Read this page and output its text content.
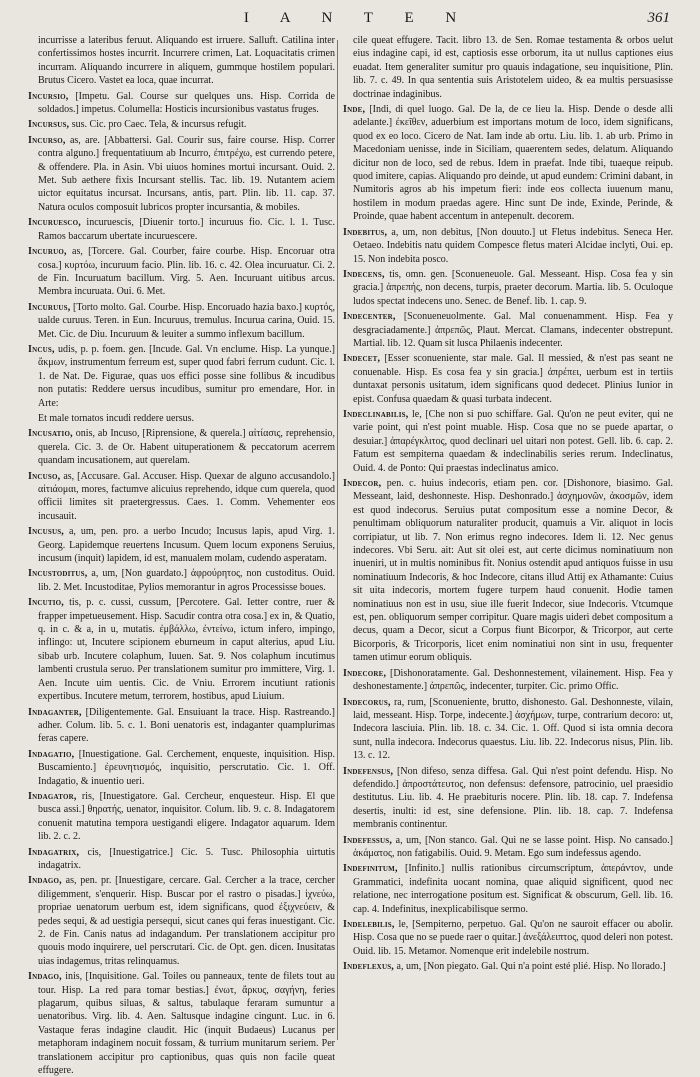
I A N T E N	361

incurrisse a lateribus feruut. Aliquando est irruere. Salluft. Catilina inter confertissimos hostes incurrit. Incurrere crimen, Lat. Loquacitatis crimen incurram. Aliquando incurrere in aliquem, gummque hostilem populari. Brutus Cicero. Vastet ea loca, quae incurrat.

Incursio, [Impetu. Gal. Course sur quelques uns. Hisp. Corrida de soldados.] impetus. Columella: Hosticis incursionibus vastatus fruges.

Incursus, sus. Cic. pro Caec. Tela, & incursus refugit.

Incurso, as, are. [Abbattersi. Gal. Courir sus, faire course. Hisp. Correr contra alguno.] frequentatiuum ab Incurro, ἐπιτρέχω, est currendo petere, & offendere. Pla. in Asin. Vbi uiuos homines mortui incursant. Ouid. 2. Met. Sub aethere fixis Incursant stellis. Tac. lib. 19. Nutantem aciem uictor equitatus incursat. Incursans, antis, part. Plin. lib. 11. cap. 37. Natura oculos composuit lubricos propter incursantia, & mobiles.

Incuruesco, incuruescis, [Diuenir torto.] incuruus fio. Cic. l. 1. Tusc. Ramos baccarum ubertate incuruescere.

Incuruo, as, [Torcere. Gal. Courber, faire courbe. Hisp. Encoruar otra cosa.] κυρτόω, incuruum facio. Plin. lib. 16. c. 42. Olea incuruatur. Ci. 2. de Fin. Incuruatum bacillum. Virg. 5. Aen. Incuruant uitibus arcus. Membra incuruata. Oui. 6. Met.

Incuruus, [Torto molto. Gal. Courbe. Hisp. Encoruado hazia baxo.] κυρτός, ualde curuus. Teren. in Eun. Incuruus, tremulus. Incurua carina, Ouid. 15. Met. Cic. de Diu. Incuruum & leuiter a summo inflexum bacillum.

Incus, udis, p. p. foem. gen. [Incude. Gal. Vn enclume. Hisp. La yunque.] ἄκμων, instrumentum ferreum est, super quod fabri ferrum cudunt. Cic. l. 1. de Nat. De. Figurae, quas uos effici posse sine follibus & incudibus non putatis: Reddere uersus incudibus, sumitur pro emendare, Hor. in Arte:

Et male tornatos incudi reddere uersus.

Incusatio, onis, ab Incuso, [Riprensione, & querela.] αἰτίασις, reprehensio, querela. Cic. 3. de Or. Habent uituperationem & peccatorum acerrem quandam incusationem, aut querelam.

Incuso, as, [Accusare. Gal. Accuser. Hisp. Quexar de alguno accusandolo.] αἰτιάομαι, mores, factumve alicuius reprehendo, idque cum querela, quod officii limites sit praetergressus. Caes. 1. Comm. Vehementer eos incusauit.

Incusus, a, um, pen. pro. a uerbo Incudo; Incusus lapis, apud Virg. 1. Georg. Lapidemque reuertens Incusum. Quem locum exponens Seruius, incusum (inquit) lapidem, id est, manualem molam, cudendo asperatam.

Incustoditus, a, um, [Non guardato.] ἀφρούρητος, non custoditus. Ouid. lib. 2. Met. Incustoditae, Pylios memorantur in agros Processisse boues.

Incutio, tis, p. c. cussi, cussum, [Percotere. Gal. Ietter contre, ruer & frapper impetueusement. Hisp. Sacudir contra otra cosa.] ex in, & Quatio, q. in c. & a, in u, mutatis. ἐμβάλλω, ἐντείνω, ictum infero, impingo, inflingo: ut, Incutere scipionem eburneum in caput alterius, apud Liu. sibab urb. Incutere colaphum, Iuuen. Sat. 9. Nos colaphum incutimus lambenti crustula seruo. Per translationem sumitur pro immittere, Virg. 1. Aen. Incute uim uentis. Cic. de Vniu. Errorem incutiunt rationis expertibus. Incutere metum, terrorem, hostibus, apud Liuium.

Indaganter, [Diligentemente. Gal. Ensuiuant la trace. Hisp. Rastreando.] adher. Colum. lib. 5. c. 1. Boni uenatoris est, indaganter quamplurimas feras capere.

Indagatio, [Inuestigatione. Gal. Cerchement, enqueste, inquisition. Hisp. Buscamiento.] ἐρευνητισμός, inquisitio, perscrutatio. Cic. 1. Off. Indagatio, & inuentio ueri.

Indagator, ris, [Inuestigatore. Gal. Cercheur, enquesteur. Hisp. El que busca assi.] θηρατής, uenator, inquisitor. Colum. lib. 9. c. 8. Indagatorem conuenit matutina tempora uestigandi eligere. Indagator aquarum. Idem lib. 2. c. 2.

Indagatrix, cis, [Inuestigatrice.] Cic. 5. Tusc. Philosophia uirtutis indagatrix.

Indago, as, pen. pr. [Inuestigare, cercare. Gal. Cercher a la trace, cercher diligemment, s'enquerir. Hisp. Buscar por el rastro o pisadas.] ἰχνεύω, propriae uenatorum uerbum est, idem significans, quod ἐξιχνεύειν, & pedes sequi, & ad uestigia persequi, sicut canes qui feras inuestigant. Cic. 2. de Fin. Canis natus ad indagandum. Per translationem accipitur pro quouis modo inquirere, uel perscrutari. Cic. de Opt. gen. dicen. Inusitatas uias indagemus, tritas relinquamus.

Indago, inis, [Inquisitione. Gal. Toiles ou panneaux, tente de filets tout au tour. Hisp. La red para tomar bestias.] ἐνωτ, ἄρκυς, σαγήνη, feries plagarum, quibus siluas, & saltus, tabulaque feraram sumuntur a uenatoribus. Virg. lib. 4. Aen. Saltusque indagine cingunt. Luc. in 6. Vastaque feras indagine claudit. Hic (inquit Budaeus) Lucanus per metaphoram indaginem nocuit fossam, & turrium munitarum seriem. Per translationem accipitur pro captionibus, quas quis non facile queat effugere.

cile queat effugere. Tacit. libro 13. de Sen. Romae testamenta & orbos uelut eius indagine capi, id est, captiosis esse orborum, ita ut nullus captiones eius euadat. Item generaliter sumitur pro quauis indagatione, seu inquisitione, Plin. lib. 7. c. 49. In qua sententia suis Aristotelem uideo, & ea multis persuasisse doctrinae indaginibus.

Inde, [Indi, di quel luogo. Gal. De la, de ce lieu la. Hisp. Dende o desde alli adelante.] ἐκεῖθεν, aduerbium est importans motum de loco, idem significans, quod ex eo loco. Cicero de Nat. Iam inde ab ortu. Liu. lib. 1. ab urb. Primo in Macedoniam uenisse, inde in Siciliam, quaerentem sedes, delatum. Aliquando dicitur non de loco, sed de rebus. Idem in praefat. Inde tibi, tuaeque reipub. quod imitere, capias. Aliquando pro deinde, ut apud eundem: Crimini dabant, in Numitoris agros ab his impetum fieri: inde eos collecta iuuenum manu, hostilem in modum praedas agere. Hinc sunt De inde, Exinde, Perinde, & Proinde, quae habent accentum in antepenult. decorem.

Indebitus, a, um, non debitus, [Non douuto.] ut Fletus indebitus. Seneca Her. Oetaeo. Indebitis natu quidem Compesce fletus materi Alcidae inclyti, Oui. ep. 15. Non indebita posco.

Indecens, tis, omn. gen. [Sconueneuole. Gal. Messeant. Hisp. Cosa fea y sin gracia.] ἀπρεπής, non decens, turpis, praeter decorum. Martia. lib. 5. Oculoque ludos spectat indecens uno. Senec. de Benef. lib. 1. cap. 9.

Indecenter, [Sconueneuolmente. Gal. Mal conuenamment. Hisp. Fea y desgraciadamente.] ἀπρεπῶς, Plaut. Mercat. Clamans, indecenter obstrepunt. Martial. lib. 12. Quam sit lusca Philaenis indecenter.

Indecet, [Esser sconueniente, star male. Gal. Il messied, & n'est pas seant ne conuenable. Hisp. Es cosa fea y sin gracia.] ἀπρέπει, uerbum est in tertiis duntaxat personis usitatum, idem significans quod dedecet. Plinius Iunior in epist. Confusa quaedam & quasi turbata indecent.

Indeclinabilis, le, [Che non si puo schiffare. Gal. Qu'on ne peut eviter, qui ne varie point, qui n'est point muable. Hisp. Cosa que no se puede apartar, o desuiar.] ἀπαρέγκλιτος, quod declinari uel uitari non potest. Gell. lib. 6. cap. 2. Fatum est sempiterna quaedam & indeclinabilis series rerum. Indeclinatus, Ouid. 4. de Ponto: Qui praestas indeclinatus amico.

Indecor, pen. c. huius indecoris, etiam pen. cor. [Dishonore, biasimo. Gal. Messeant, laid, deshonneste. Hisp. Deshonrado.] ἀσχημονῶν, ἀκοσμῶν, idem est quod indecorus. Seruius putat compositum esse a nomine Decor, & penultimam obliquorum naturaliter producit, quamuis a Vir. aliquot in locis corripiatur, ut lib. 7. Non erimus regno indecores. Idem li. 12. Nec genus indecores. Vbi Seru. ait: Aut sit olei est, aut certe dicimus nominatiuum non inueniri, ut in multis nominibus fit. Nonius ostendit apud antiquos fuisse in usu nominatiuum Indecoris, & hoc Indecore, citans illud Attij ex Athamante: Cuius sit uita indecoris, mortem fugere turpem haud conuenit. Hodie tamen nominatiuus non est in usu, siue ille fuerit Indecor, siue Indecoris. Vtcumque est, pen. obliquorum semper corripitur. Quare magis uideri debet compositum a decus, quam a Decor, sicut a Corpus fiunt Bicorpor, & Tricorpor, aut certe Bicorporis, & Tricorporis, licet enim nominatiui non sint in usu, frequenter tamen utimur eorum obliquis.

Indecore, [Dishonoratamente. Gal. Deshonnestement, vilainement. Hisp. Fea y deshonestamente.] ἀπρεπῶς, indecenter, turpiter. Cic. primo Offic.

Indecorus, ra, rum, [Sconueniente, brutto, dishonesto. Gal. Deshonneste, vilain, laid, messeant. Hisp. Torpe, indecente.] ἀσχήμων, turpe, contrarium decoro: ut, Indecora lasciuia. Plin. lib. 18. c. 34. Cic. 1. Off. Quod si ista omnia decora sunt, nulla indecora. Indecorus quaestus. Liu. lib. 22. Indecorus nisus, Plin. lib. 13. c. 12.

Indefensus, [Non difeso, senza diffesa. Gal. Qui n'est point defendu. Hisp. No defendido.] ἀπροστάτευτος, non defensus: defensore, patrocinio, uel praesidio destitutus. Liu. lib. 4. He praebituris nocere. Plin. lib. 18. cap. 7. Indefensa desertis, inulti: id est, sine defensione. Plin. lib. 18. cap. 7. Indefensa membranis continentur.

Indefessus, a, um, [Non stanco. Gal. Qui ne se lasse point. Hisp. No cansado.] ἀκάματος, non fatigabilis. Ouid. 9. Metam. Ego sum indefessus agendo.

Indefinitum, [Infinito.] nullis rationibus circumscriptum, ἀπεράντον, unde Grammatici, indefinita uocant nomina, quae aliquid significent, quod nec relatione, nec interrogatione positum est. Significat & obscurum, Gell. lib. 16. cap. 4. Indefinitus, inexplicabilisque sermo.

Indelebilis, le, [Sempiterno, perpetuo. Gal. Qu'on ne sauroit effacer ou abolir. Hisp. Cosa que no se puede raer o quitar.] ἀνεξάλειπτος, quod deleri non potest. Ouid. lib. 15. Metamor. Nomenque erit indelebile nostrum.

Indeflexus, a, um, [Non piegato. Gal. Qui n'a point esté plié. Hisp. No llorado.]
